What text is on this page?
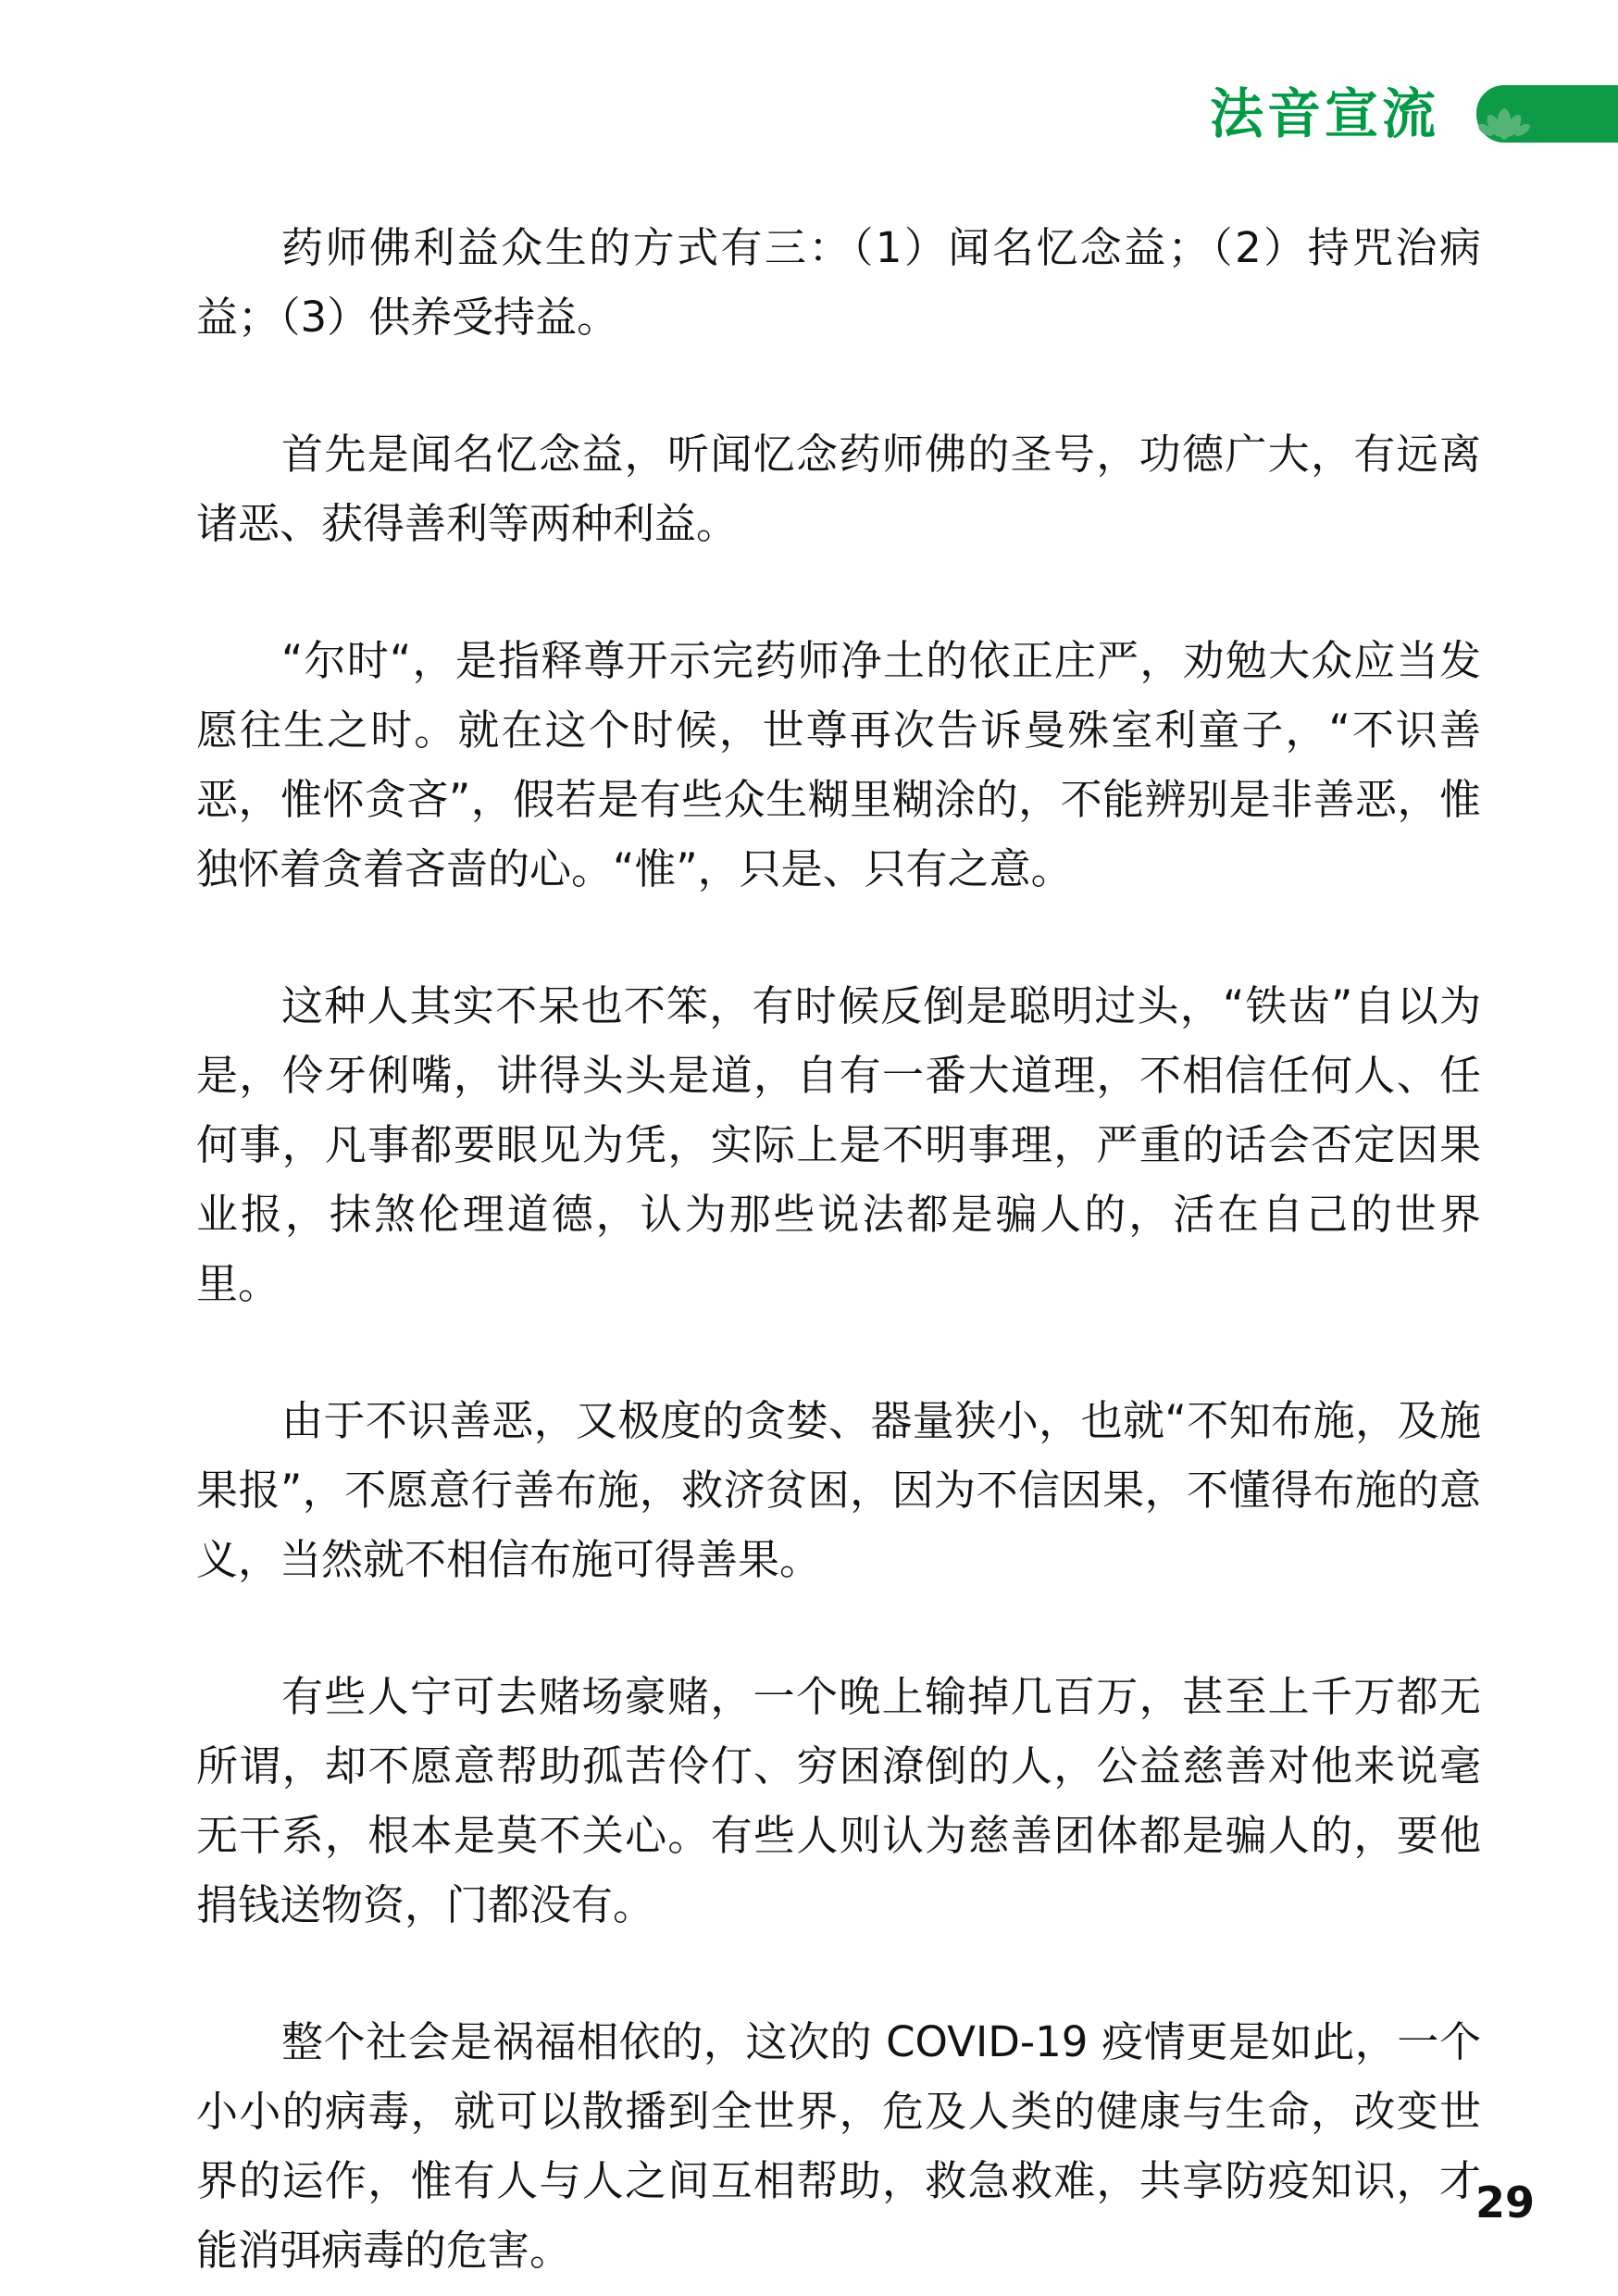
法音宣流

药师佛利益众生的方式有三：（1）闻名忆念益；（2）持咒治病益；（3）供养受持益。

首先是闻名忆念益，听闻忆念药师佛的圣号，功德广大，有远离诸恶、获得善利等两种利益。

“尔时“，是指释尊开示完药师净土的依正庄严，劝勉大众应当发愿往生之时。就在这个时候，世尊再次告诉曼殊室利童子，“不识善恶，惟怀贪吝”，假若是有些众生糊里糊涂的，不能辨别是非善恶，惟独怀着贪着吝啬的心。“惟”，只是、只有之意。

这种人其实不呆也不笨，有时候反倒是聪明过头，“铁齿”自以为是，伶牙俐嘴，讲得头头是道，自有一番大道理，不相信任何人、任何事，凡事都要眼见为凭，实际上是不明事理，严重的话会否定因果业报，抹煞伦理道德，认为那些说法都是骗人的，活在自己的世界里。

由于不识善恶，又极度的贪婪、器量狭小，也就“不知布施，及施果报”，不愿意行善布施，救济贫困，因为不信因果，不懂得布施的意义，当然就不相信布施可得善果。

有些人宁可去赌场豪赌，一个晚上输掉几百万，甚至上千万都无所谓，却不愿意帮助孤苦伶仃、穷困潦倒的人，公益慈善对他来说毫无干系，根本是莫不关心。有些人则认为慈善团体都是骗人的，要他捐钱送物资，门都没有。

整个社会是祸福相依的，这次的 COVID-19 疫情更是如此，一个小小的病毒，就可以散播到全世界，危及人类的健康与生命，改变世界的运作，惟有人与人之间互相帮助，救急救难，共享防疫知识，才能消弭病毒的危害。

29
